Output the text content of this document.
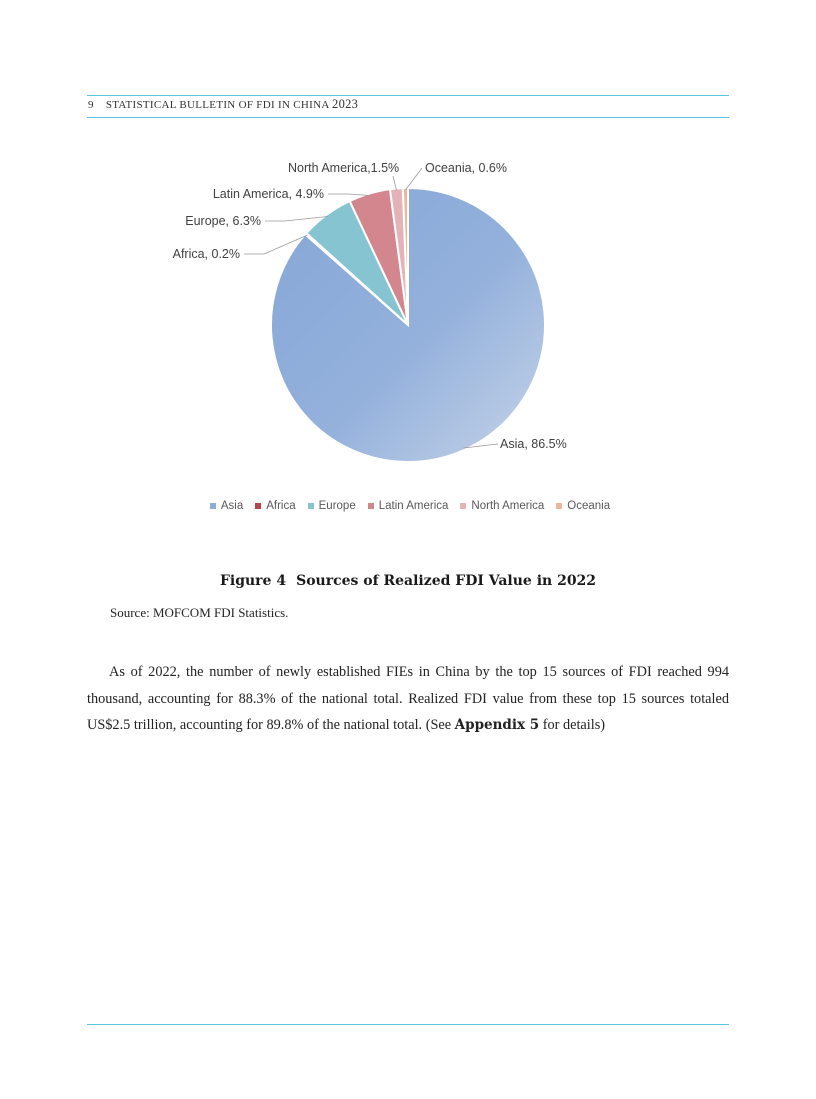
9 STATISTICAL BULLETIN OF FDI IN CHINA 2023
Asia, 86.5%
Africa, 0.2%
Europe, 6.3%
Latin America, 4.9%
North America,1.5% Oceania, 0.6%
Asia Africa Europe Latin America North America Oceania
Figure 4 Sources of Realized FDI Value in 2022
Source: MOFCOM FDI Statistics.
As of 2022, the number of newly established FIEs in China by the top 15 sources of FDI reached 994 thousand, accounting for 88.3% of the national total. Realized FDI value from these top 15 sources totaled US$2.5 trillion, accounting for 89.8% of the national total. (See Appendix 5 for details)
